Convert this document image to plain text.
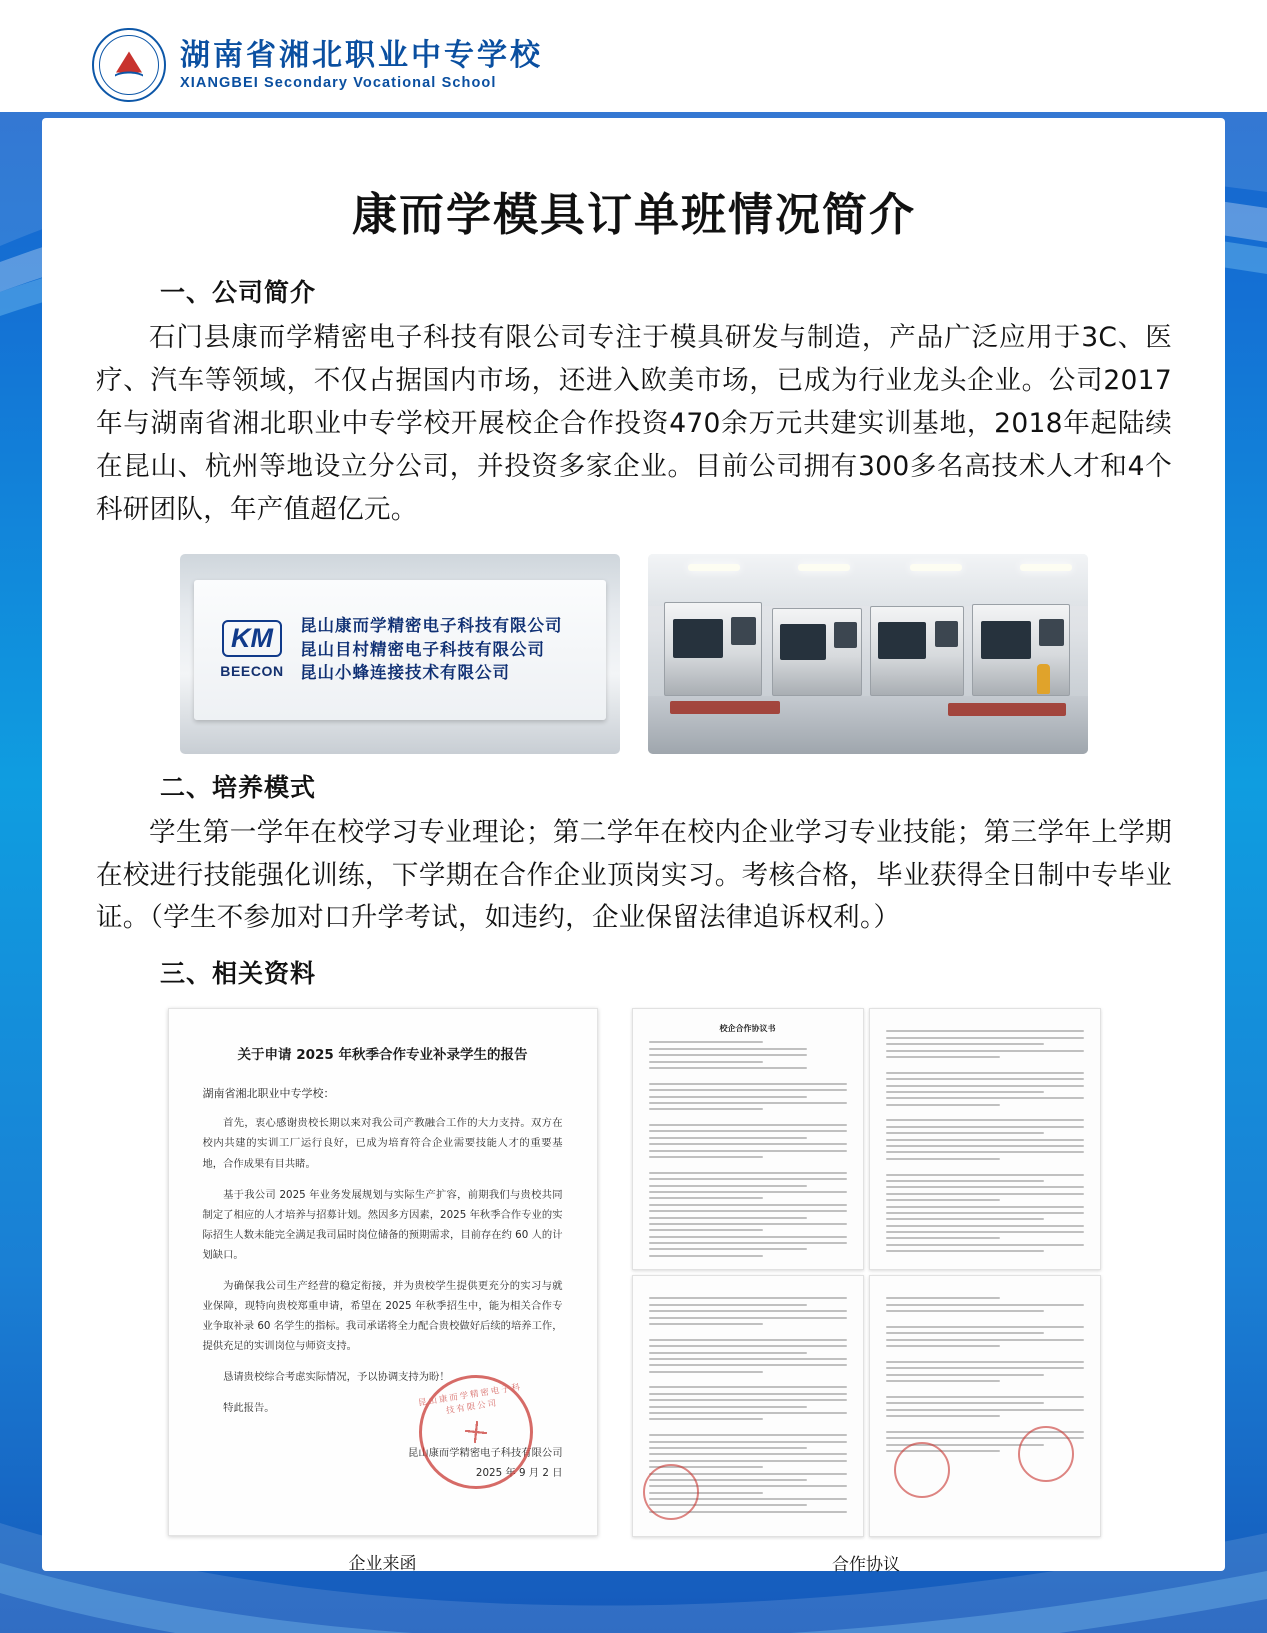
湖南省湘北职业中专学校
XIANGBEI Secondary Vocational School
康而学模具订单班情况简介
一、公司简介

石门县康而学精密电子科技有限公司专注于模具研发与制造，产品广泛应用于3C、医疗、汽车等领域，不仅占据国内市场，还进入欧美市场，已成为行业龙头企业。公司2017年与湖南省湘北职业中专学校开展校企合作投资470余万元共建实训基地，2018年起陆续在昆山、杭州等地设立分公司，并投资多家企业。目前公司拥有300多名高技术人才和4个科研团队，年产值超亿元。

KM
BEECON
昆山康而学精密电子科技有限公司
昆山目村精密电子科技有限公司
昆山小蜂连接技术有限公司
二、培养模式

学生第一学年在校学习专业理论；第二学年在校内企业学习专业技能；第三学年上学期在校进行技能强化训练，下学期在合作企业顶岗实习。考核合格，毕业获得全日制中专毕业证。（学生不参加对口升学考试，如违约，企业保留法律追诉权利。）

三、相关资料
关于申请 2025 年秋季合作专业补录学生的报告
湖南省湘北职业中专学校：

首先，衷心感谢贵校长期以来对我公司产教融合工作的大力支持。双方在校内共建的实训工厂运行良好，已成为培育符合企业需要技能人才的重要基地，合作成果有目共睹。

基于我公司 2025 年业务发展规划与实际生产扩容，前期我们与贵校共同制定了相应的人才培养与招募计划。然因多方因素，2025 年秋季合作专业的实际招生人数未能完全满足我司届时岗位储备的预期需求，目前存在约 60 人的计划缺口。

为确保我公司生产经营的稳定衔接，并为贵校学生提供更充分的实习与就业保障，现特向贵校郑重申请，希望在 2025 年秋季招生中，能为相关合作专业争取补录 60 名学生的指标。我司承诺将全力配合贵校做好后续的培养工作，提供充足的实训岗位与师资支持。

恳请贵校综合考虑实际情况，予以协调支持为盼！

特此报告。

昆山康而学精密电子科技有限公司
2025 年 9 月 2 日
昆山康而学精密电子科技有限公司
企业来函
校企合作协议书
合作协议
